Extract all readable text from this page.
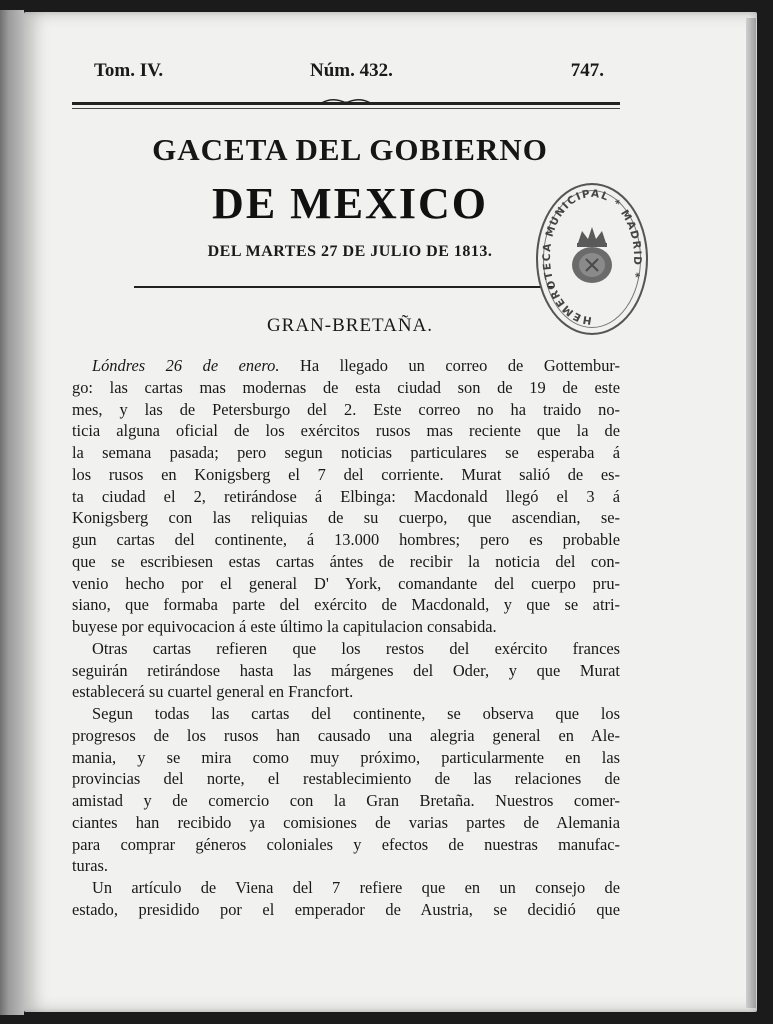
Tom. IV.	Núm. 432.	747.
GACETA DEL GOBIERNO
DE MEXICO
DEL MARTES 27 DE JULIO DE 1813.
HEMEROTECA MUNICIPAL * MADRID *
GRAN-BRETAÑA.
Lóndres 26 de enero. Ha llegado un correo de Gottembur-
go: las cartas mas modernas de esta ciudad son de 19 de este
mes, y las de Petersburgo del 2. Este correo no ha traido no-
ticia alguna oficial de los exércitos rusos mas reciente que la de
la semana pasada; pero segun noticias particulares se esperaba á
los rusos en Konigsberg el 7 del corriente. Murat salió de es-
ta ciudad el 2, retirándose á Elbinga: Macdonald llegó el 3 á
Konigsberg con las reliquias de su cuerpo, que ascendian, se-
gun cartas del continente, á 13.000 hombres; pero es probable
que se escribiesen estas cartas ántes de recibir la noticia del con-
venio hecho por el general D' York, comandante del cuerpo pru-
siano, que formaba parte del exército de Macdonald, y que se atri-
buyese por equivocacion á este último la capitulacion consabida.
Otras cartas refieren que los restos del exército frances
seguirán retirándose hasta las márgenes del Oder, y que Murat
establecerá su cuartel general en Francfort.
Segun todas las cartas del continente, se observa que los
progresos de los rusos han causado una alegria general en Ale-
mania, y se mira como muy próximo, particularmente en las
provincias del norte, el restablecimiento de las relaciones de
amistad y de comercio con la Gran Bretaña. Nuestros comer-
ciantes han recibido ya comisiones de varias partes de Alemania
para comprar géneros coloniales y efectos de nuestras manufac-
turas.
Un artículo de Viena del 7 refiere que en un consejo de
estado, presidido por el emperador de Austria, se decidió que
